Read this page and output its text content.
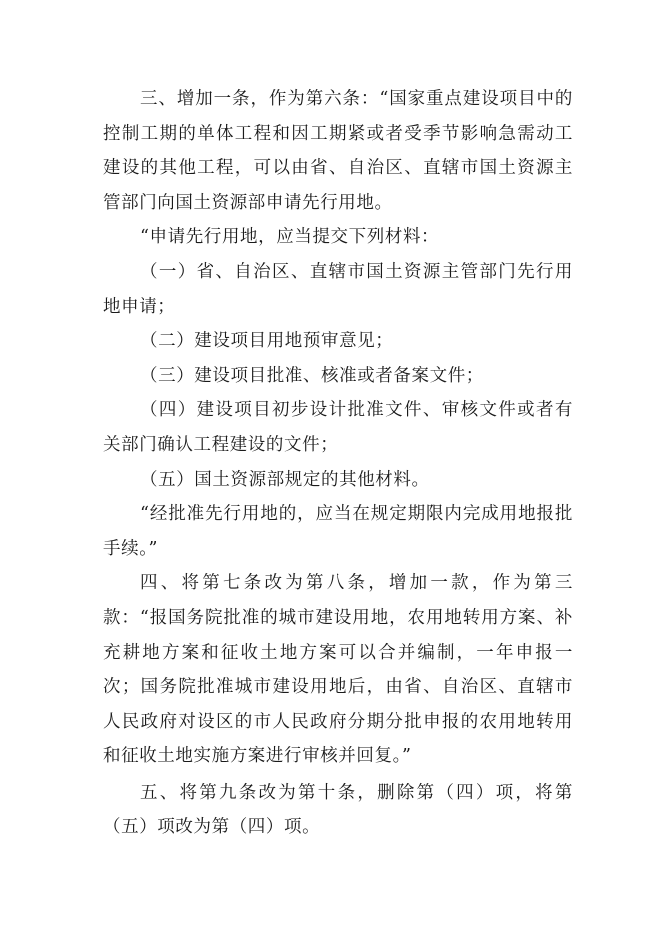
三、增加一条，作为第六条：“国家重点建设项目中的控制工期的单体工程和因工期紧或者受季节影响急需动工建设的其他工程，可以由省、自治区、直辖市国土资源主管部门向国土资源部申请先行用地。

“申请先行用地，应当提交下列材料：

（一）省、自治区、直辖市国土资源主管部门先行用地申请；

（二）建设项目用地预审意见；

（三）建设项目批准、核准或者备案文件；

（四）建设项目初步设计批准文件、审核文件或者有关部门确认工程建设的文件；

（五）国土资源部规定的其他材料。

“经批准先行用地的，应当在规定期限内完成用地报批手续。”

四、将第七条改为第八条，增加一款，作为第三款：“报国务院批准的城市建设用地，农用地转用方案、补充耕地方案和征收土地方案可以合并编制，一年申报一次；国务院批准城市建设用地后，由省、自治区、直辖市人民政府对设区的市人民政府分期分批申报的农用地转用和征收土地实施方案进行审核并回复。”

五、将第九条改为第十条，删除第（四）项，将第（五）项改为第（四）项。
